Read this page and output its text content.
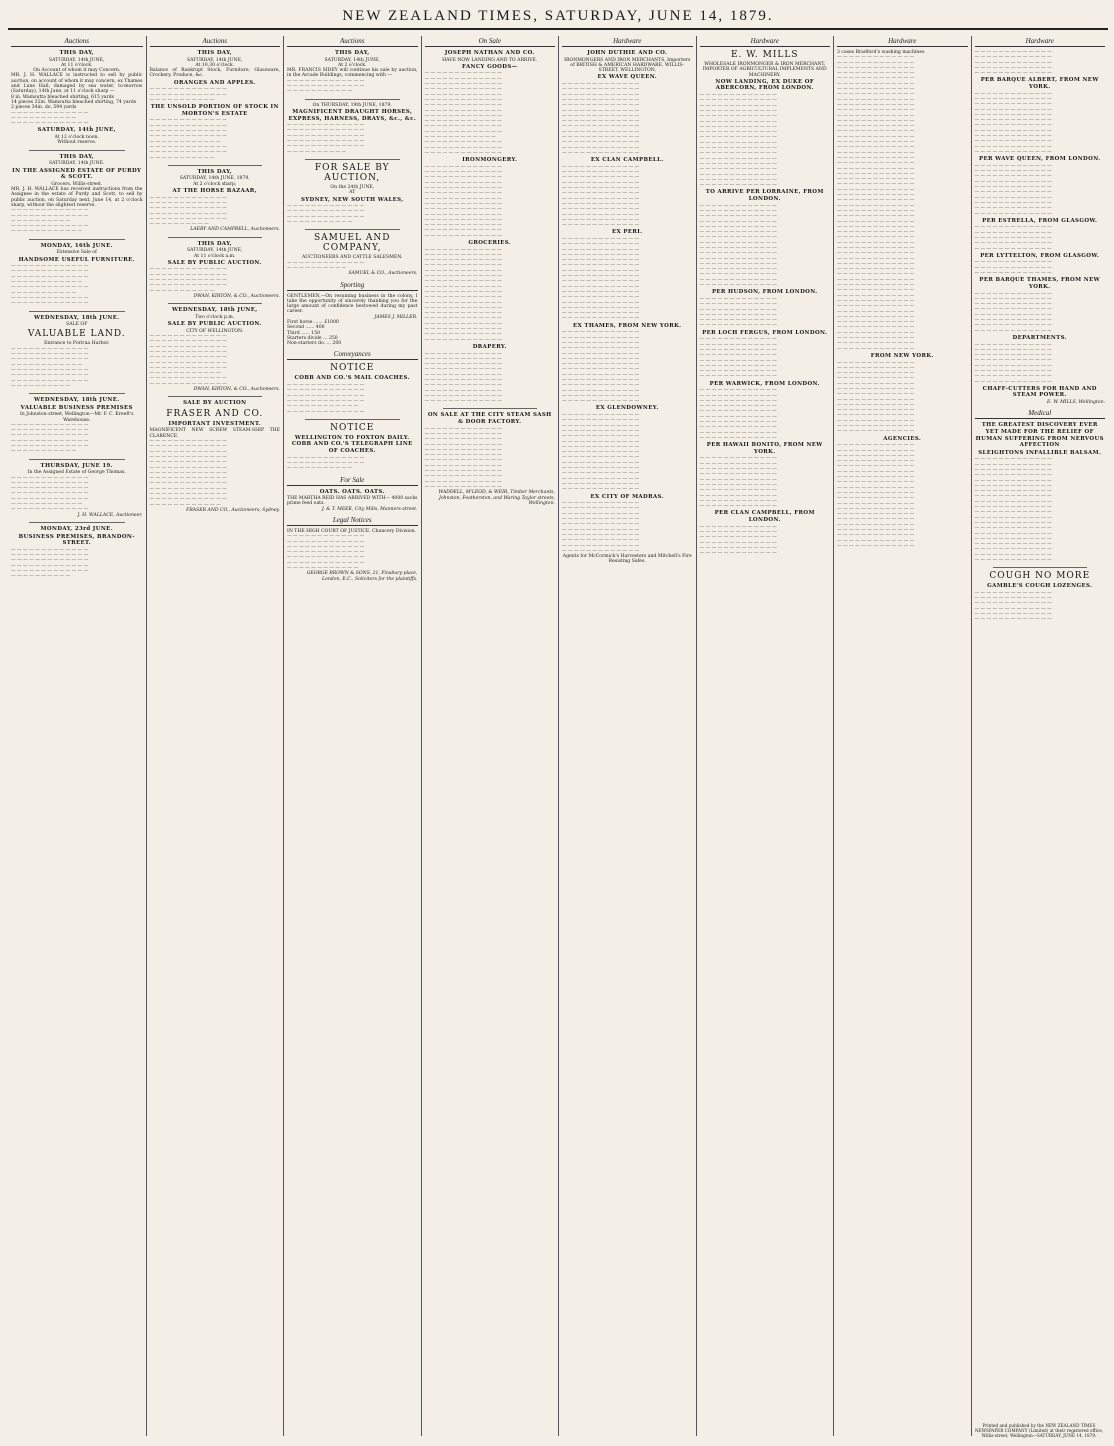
NEW ZEALAND TIMES, SATURDAY, JUNE 14, 1879.
Auctions
THIS DAY,
SATURDAY, 14th JUNE,
At 11 o'clock.
On Account of whom it may Concern.
MR. J. H. WALLACE is instructed to sell by public auction, on account of whom it may concern, ex Thames and Lune Hall, damaged by sea water, to-morrow (Saturday), 14th June, at 11 o'clock sharp —
8 in. Wamsutta bleached shirting, 615 yards
14 pieces 32in. Wamsutta bleached shirting, 74 yards
2 pieces 34in. do. 594 yards
— — — — — — — — — — — — —
— — — — — — — — — — —
— — — — — — — — — — — — —
SATURDAY, 14th JUNE,
At 12 o'clock noon.
Without reserve.
THIS DAY,
SATURDAY, 14th JUNE.
IN THE ASSIGNED ESTATE OF PURDY & SCOTT.
Grocers, Willis-street.
MR. J. H. WALLACE has received instructions from the Assignee in the estate of Purdy and Scott, to sell by public auction, on Saturday next, June 14, at 2 o'clock sharp, without the slightest reserve.
— — — — — — — — — — — — —
— — — — — — — — — — — — —
— — — — — — — — — —
— — — — — — — — — — — — —
— — — — — — — — — — — —
MONDAY, 16th JUNE.
Extensive Sale of
HANDSOME USEFUL FURNITURE.
— — — — — — — — — — — — —
— — — — — — — — — — — — —
— — — — — — — — — — — — —
— — — — — — — — — — — —
— — — — — — — — — — — — —
— — — — — — — — — — —
— — — — — — — — — — — — —
— — — — — — — — — — — — —
WEDNESDAY, 18th JUNE.
SALE OF
VALUABLE LAND.
Entrance to Porirua Harbor.
— — — — — — — — — — — — —
— — — — — — — — — — — — —
— — — — — — — — — — — — —
— — — — — — — — — — — —
— — — — — — — — — — — — —
— — — — — — — — — — — — —
— — — — — — — — — — — — —
— — — — — — — — — —
WEDNESDAY, 18th JUNE.
VALUABLE BUSINESS PREMISES
In Johnston-street, Wellington—Mr. F. C. Kreeft's Warehouse.
— — — — — — — — — — — — —
— — — — — — — — — — — — —
— — — — — — — — — — — — —
— — — — — — — — — — — — —
— — — — — — — — — — — — —
— — — — — — — — — — —
THURSDAY, JUNE 19.
In the Assigned Estate of George Thomas.
— — — — — — — — — — — — —
— — — — — — — — — — — — —
— — — — — — — — — — — — —
— — — — — — — — — — — — —
— — — — — — — — — — — — —
— — — — — — — — — — — —
— — — — — — — — — — — — —
J. H. WALLACE, Auctioneer.
MONDAY, 23rd JUNE.
BUSINESS PREMISES, BRANDON-STREET.
— — — — — — — — — — — — —
— — — — — — — — — — — — —
— — — — — — — — — — — — —
— — — — — — — — — — — — —
— — — — — — — — — — — — —
— — — — — — — — — —
Auctions
THIS DAY,
SATURDAY, 14th JUNE,
At 10.30 o'clock.
Balance of Bankrupt Stock, Furniture, Glassware, Crockery, Produce, &c.
ORANGES AND APPLES.
— — — — — — — — — — — — —
— — — — — — — — — — — — —
— — — — — — — — — — —
THE UNSOLD PORTION OF STOCK IN MORTON'S ESTATE
— — — — — — — — — — — — —
— — — — — — — — — — — — —
— — — — — — — — — — — — —
— — — — — — — — — — — — —
— — — — — — — — — — — —
— — — — — — — — — — — — —
— — — — — — — — — — — — —
— — — — — — — — — — —
THIS DAY,
SATURDAY, 14th JUNE, 1879,
At 2 o'clock sharp,
AT THE HORSE BAZAAR,
— — — — — — — — — — — — —
— — — — — — — — — — — — —
— — — — — — — — — — — — —
— — — — — — — — — — — — —
— — — — — — — — — — — — —
— — — — — — — — — —
LAERY AND CAMPBELL, Auctioneers.
THIS DAY,
SATURDAY, 14th JUNE,
At 11 o'clock a.m.
SALE BY PUBLIC AUCTION.
— — — — — — — — — — — — —
— — — — — — — — — — — — —
— — — — — — — — — — — — —
— — — — — — — — — — — — —
— — — — — — — — — — —
DWAN, KIRTON, & CO., Auctioneers.
WEDNESDAY, 18th JUNE,
Two o'clock p.m.
SALE BY PUBLIC AUCTION.
CITY OF WELLINGTON.
— — — — — — — — — — — — —
— — — — — — — — — — — — —
— — — — — — — — — — — — —
— — — — — — — — — — — — —
— — — — — — — — — — — — —
— — — — — — — — — — — — —
— — — — — — — — — — — — —
— — — — — — — — — — — —
— — — — — — — — — — — — —
— — — — — — — — — — — — —
DWAN, KIRTON, & CO., Auctioneers.
SALE BY AUCTION
FRASER AND CO.
IMPORTANT INVESTMENT.
MAGNIFICENT NEW SCREW STEAM-SHIP THE CLARENCE.
— — — — — — — — — — — — —
— — — — — — — — — — — — —
— — — — — — — — — — — — —
— — — — — — — — — — — — —
— — — — — — — — — — — — —
— — — — — — — — — — — — —
— — — — — — — — — — — — —
— — — — — — — — — — — — —
— — — — — — — — — — — — —
— — — — — — — — — — — — —
— — — — — — — — — — — — —
— — — — — — — — — — — — —
— — — — — — — — — — — —
FRASER AND CO., Auctioneers, Sydney.
Auctions
THIS DAY,
SATURDAY, 14th JUNE,
At 2 o'clock.
MR. FRANCIS SIDEY will continue his sale by auction, in the Arcade Buildings, commencing with —
— — — — — — — — — — — — —
— — — — — — — — — — — — —
— — — — — — — — — — —
On THURSDAY, 19th JUNE, 1879.
MAGNIFICENT DRAUGHT HORSES, EXPRESS, HARNESS, DRAYS, &c., &c.
— — — — — — — — — — — — —
— — — — — — — — — — — — —
— — — — — — — — — — — — —
— — — — — — — — — — — — —
— — — — — — — — — — — — —
— — — — — — — — — —
FOR SALE BY AUCTION,
On the 24th JUNE,
AT
SYDNEY, NEW SOUTH WALES,
— — — — — — — — — — — — —
— — — — — — — — — — — — —
— — — — — — — — — — — — —
— — — — — — — — — — —
SAMUEL AND COMPANY,
AUCTIONEERS AND CATTLE SALESMEN.
— — — — — — — — — — — — —
— — — — — — — — — —
SAMUEL & CO., Auctioneers.
Sporting
GENTLEMEN,—On resuming business in the colony, I take the opportunity of sincerely thanking you for the large amount of confidence bestowed during my past career.
JAMES J. MILLER.
First horse ...... £1000
Second ...... 400
Third ...... 150
Starters divide ... 250
Non-starters do. ... 200
Conveyances
NOTICE
COBB AND CO.'S MAIL COACHES.
— — — — — — — — — — — — —
— — — — — — — — — — — — —
— — — — — — — — — — — — —
— — — — — — — — — — — — —
— — — — — — — — — — — —
— — — — — — — — — — — — —
NOTICE
WELLINGTON TO FOXTON DAILY. COBB AND CO.'S TELEGRAPH LINE OF COACHES.
— — — — — — — — — — — — —
— — — — — — — — — — — — —
— — — — — — — — — — —
For Sale
OATS. OATS. OATS.
THE MARTHA REID HAS ARRIVED WITH— 4000 sacks prime feed oats.
J. & T. MEEK, City Mills, Manners-street.
Legal Notices
IN THE HIGH COURT OF JUSTICE. Chancery Division.
— — — — — — — — — — — — —
— — — — — — — — — — — — —
— — — — — — — — — — — — —
— — — — — — — — — — — — —
— — — — — — — — — — — — —
— — — — — — — — — — — — —
— — — — — — — — — — — —
GEORGE BROWN & SONS, 21, Finsbury-place, London, E.C., Solicitors for the plaintiffs.
On Sale
JOSEPH NATHAN AND CO.
HAVE NOW LANDING AND TO ARRIVE.
FANCY GOODS—
— — — — — — — — — — — — —
— — — — — — — — — — — — —
— — — — — — — — — — — — —
— — — — — — — — — — — — —
— — — — — — — — — — — — —
— — — — — — — — — — — — —
— — — — — — — — — — — — —
— — — — — — — — — — — — —
— — — — — — — — — — — — —
— — — — — — — — — — — — —
— — — — — — — — — — — — —
— — — — — — — — — — — — —
— — — — — — — — — — — —
— — — — — — — — — — — — —
— — — — — — — — — — — — —
— — — — — — — — — — — — —
IRONMONGERY.
— — — — — — — — — — — — —
— — — — — — — — — — — — —
— — — — — — — — — — — — —
— — — — — — — — — — — — —
— — — — — — — — — — — — —
— — — — — — — — — — — — —
— — — — — — — — — — — — —
— — — — — — — — — — — — —
— — — — — — — — — — — — —
— — — — — — — — — — — — —
— — — — — — — — — — — — —
— — — — — — — — — — — — —
— — — — — — — — — — — — —
— — — — — — — — — — — — —
GROCERIES.
— — — — — — — — — — — — —
— — — — — — — — — — — — —
— — — — — — — — — — — — —
— — — — — — — — — — — — —
— — — — — — — — — — — — —
— — — — — — — — — — — — —
— — — — — — — — — — — — —
— — — — — — — — — — — — —
— — — — — — — — — — — — —
— — — — — — — — — — — — —
— — — — — — — — — — — — —
— — — — — — — — — — — — —
— — — — — — — — — — — — —
— — — — — — — — — — — — —
— — — — — — — — — — — — —
— — — — — — — — — — — — —
— — — — — — — — — — — — —
— — — — — — — — — — — — —
DRAPERY.
— — — — — — — — — — — — —
— — — — — — — — — — — — —
— — — — — — — — — — — — —
— — — — — — — — — — — — —
— — — — — — — — — — — — —
— — — — — — — — — — — — —
— — — — — — — — — — — — —
— — — — — — — — — — — — —
— — — — — — — — — — — — —
— — — — — — — — — — — — —
ON SALE AT THE CITY STEAM SASH & DOOR FACTORY.
— — — — — — — — — — — — —
— — — — — — — — — — — — —
— — — — — — — — — — — — —
— — — — — — — — — — — — —
— — — — — — — — — — — — —
— — — — — — — — — — — — —
— — — — — — — — — — — — —
— — — — — — — — — — — — —
— — — — — — — — — — — — —
— — — — — — — — — — — — —
— — — — — — — — — — — — —
— — — — — — — — — — — — —
WADDELL, M'LEOD, & WEIR, Timber Merchants, Johnston, Featherston, and Waring Taylor streets, Wellington.
Hardware
JOHN DUTHIE AND CO.
IRONMONGERS AND IRON MERCHANTS, Importers of BRITISH & AMERICAN HARDWARE, WILLIS-STREET, WELLINGTON,
EX WAVE QUEEN.
— — — — — — — — — — — — —
— — — — — — — — — — — — —
— — — — — — — — — — — — —
— — — — — — — — — — — — —
— — — — — — — — — — — — —
— — — — — — — — — — — — —
— — — — — — — — — — — — —
— — — — — — — — — — — — —
— — — — — — — — — — — — —
— — — — — — — — — — — — —
— — — — — — — — — — — — —
— — — — — — — — — — — — —
— — — — — — — — — — — — —
— — — — — — — — — — — — —
EX CLAN CAMPBELL.
— — — — — — — — — — — — —
— — — — — — — — — — — — —
— — — — — — — — — — — — —
— — — — — — — — — — — — —
— — — — — — — — — — — — —
— — — — — — — — — — — — —
— — — — — — — — — — — — —
— — — — — — — — — — — — —
— — — — — — — — — — — — —
— — — — — — — — — — — — —
— — — — — — — — — — — — —
— — — — — — — — — — — — —
EX PERI.
— — — — — — — — — — — — —
— — — — — — — — — — — — —
— — — — — — — — — — — — —
— — — — — — — — — — — — —
— — — — — — — — — — — — —
— — — — — — — — — — — — —
— — — — — — — — — — — — —
— — — — — — — — — — — — —
— — — — — — — — — — — — —
— — — — — — — — — — — — —
— — — — — — — — — — — — —
— — — — — — — — — — — — —
— — — — — — — — — — — — —
— — — — — — — — — — — — —
— — — — — — — — — — — — —
— — — — — — — — — — — — —
EX THAMES, FROM NEW YORK.
— — — — — — — — — — — — —
— — — — — — — — — — — — —
— — — — — — — — — — — — —
— — — — — — — — — — — — —
— — — — — — — — — — — — —
— — — — — — — — — — — — —
— — — — — — — — — — — — —
— — — — — — — — — — — — —
— — — — — — — — — — — — —
— — — — — — — — — — — — —
— — — — — — — — — — — — —
— — — — — — — — — — — — —
— — — — — — — — — — — — —
— — — — — — — — — — — — —
EX GLENDOWNEY.
— — — — — — — — — — — — —
— — — — — — — — — — — — —
— — — — — — — — — — — — —
— — — — — — — — — — — — —
— — — — — — — — — — — — —
— — — — — — — — — — — — —
— — — — — — — — — — — — —
— — — — — — — — — — — — —
— — — — — — — — — — — — —
— — — — — — — — — — — — —
— — — — — — — — — — — — —
— — — — — — — — — — — — —
— — — — — — — — — — — — —
— — — — — — — — — — — — —
— — — — — — — — — — — — —
EX CITY OF MADRAS.
— — — — — — — — — — — — —
— — — — — — — — — — — — —
— — — — — — — — — — — — —
— — — — — — — — — — — — —
— — — — — — — — — — — — —
— — — — — — — — — — — — —
— — — — — — — — — — — — —
— — — — — — — — — — — — —
— — — — — — — — — — — — —
— — — — — — — — — — — — —
Agents for McCormick's Harvesters and Mitchell's Fire Resisting Safes.
Hardware
E. W. MILLS
WHOLESALE IRONMONGER & IRON MERCHANT,
IMPORTER OF AGRICULTURAL IMPLEMENTS AND MACHINERY.
NOW LANDING, EX DUKE OF ABERCORN, FROM LONDON.
— — — — — — — — — — — — —
— — — — — — — — — — — — —
— — — — — — — — — — — — —
— — — — — — — — — — — — —
— — — — — — — — — — — — —
— — — — — — — — — — — — —
— — — — — — — — — — — — —
— — — — — — — — — — — — —
— — — — — — — — — — — — —
— — — — — — — — — — — — —
— — — — — — — — — — — — —
— — — — — — — — — — — — —
— — — — — — — — — — — — —
— — — — — — — — — — — — —
— — — — — — — — — — — — —
— — — — — — — — — — — — —
— — — — — — — — — — — — —
— — — — — — — — — — — — —
TO ARRIVE PER LORRAINE, FROM LONDON.
— — — — — — — — — — — — —
— — — — — — — — — — — — —
— — — — — — — — — — — — —
— — — — — — — — — — — — —
— — — — — — — — — — — — —
— — — — — — — — — — — — —
— — — — — — — — — — — — —
— — — — — — — — — — — — —
— — — — — — — — — — — — —
— — — — — — — — — — — — —
— — — — — — — — — — — — —
— — — — — — — — — — — — —
— — — — — — — — — — — — —
— — — — — — — — — — — — —
— — — — — — — — — — — — —
— — — — — — — — — — — — —
PER HUDSON, FROM LONDON.
— — — — — — — — — — — — —
— — — — — — — — — — — — —
— — — — — — — — — — — — —
— — — — — — — — — — — — —
— — — — — — — — — — — — —
— — — — — — — — — — — — —
PER LOCH FERGUS, FROM LONDON.
— — — — — — — — — — — — —
— — — — — — — — — — — — —
— — — — — — — — — — — — —
— — — — — — — — — — — — —
— — — — — — — — — — — — —
— — — — — — — — — — — — —
— — — — — — — — — — — — —
— — — — — — — — — — — — —
PER WARWICK, FROM LONDON.
— — — — — — — — — — — — —
— — — — — — — — — — — — —
— — — — — — — — — — — — —
— — — — — — — — — — — — —
— — — — — — — — — — — — —
— — — — — — — — — — — — —
— — — — — — — — — — — — —
— — — — — — — — — — — — —
— — — — — — — — — — — — —
— — — — — — — — — — — — —
PER HAWAII BONITO, FROM NEW YORK.
— — — — — — — — — — — — —
— — — — — — — — — — — — —
— — — — — — — — — — — — —
— — — — — — — — — — — — —
— — — — — — — — — — — — —
— — — — — — — — — — — — —
— — — — — — — — — — — — —
— — — — — — — — — — — — —
— — — — — — — — — — — — —
— — — — — — — — — — — — —
PER CLAN CAMPBELL, FROM LONDON.
— — — — — — — — — — — — —
— — — — — — — — — — — — —
— — — — — — — — — — — — —
— — — — — — — — — — — — —
— — — — — — — — — — — — —
— — — — — — — — — — — — —
Hardware
3 cases Bradford's washing machines
— — — — — — — — — — — — —
— — — — — — — — — — — — —
— — — — — — — — — — — — —
— — — — — — — — — — — — —
— — — — — — — — — — — — —
— — — — — — — — — — — — —
— — — — — — — — — — — — —
— — — — — — — — — — — — —
— — — — — — — — — — — — —
— — — — — — — — — — — — —
— — — — — — — — — — — — —
— — — — — — — — — — — — —
— — — — — — — — — — — — —
— — — — — — — — — — — — —
— — — — — — — — — — — — —
— — — — — — — — — — — — —
— — — — — — — — — — — — —
— — — — — — — — — — — — —
— — — — — — — — — — — — —
— — — — — — — — — — — — —
— — — — — — — — — — — — —
— — — — — — — — — — — — —
— — — — — — — — — — — — —
— — — — — — — — — — — — —
— — — — — — — — — — — — —
— — — — — — — — — — — — —
— — — — — — — — — — — — —
— — — — — — — — — — — — —
— — — — — — — — — — — — —
— — — — — — — — — — — — —
— — — — — — — — — — — — —
— — — — — — — — — — — — —
— — — — — — — — — — — — —
— — — — — — — — — — — — —
— — — — — — — — — — — — —
— — — — — — — — — — — — —
— — — — — — — — — — — — —
— — — — — — — — — — — — —
— — — — — — — — — — — — —
— — — — — — — — — — — — —
— — — — — — — — — — — — —
— — — — — — — — — — — — —
— — — — — — — — — — — — —
— — — — — — — — — — — — —
— — — — — — — — — — — — —
— — — — — — — — — — — — —
— — — — — — — — — — — — —
— — — — — — — — — — — — —
— — — — — — — — — — — — —
— — — — — — — — — — — — —
— — — — — — — — — — — — —
— — — — — — — — — — — — —
— — — — — — — — — — — — —
— — — — — — — — — — — — —
— — — — — — — — — — — — —
— — — — — — — — — — — — —
FROM NEW YORK.
— — — — — — — — — — — — —
— — — — — — — — — — — — —
— — — — — — — — — — — — —
— — — — — — — — — — — — —
— — — — — — — — — — — — —
— — — — — — — — — — — — —
— — — — — — — — — — — — —
— — — — — — — — — — — — —
— — — — — — — — — — — — —
— — — — — — — — — — — — —
— — — — — — — — — — — — —
— — — — — — — — — — — — —
— — — — — — — — — — — — —
— — — — — — — — — — — — —
AGENCIES.
— — — — — — — — — — — — —
— — — — — — — — — — — — —
— — — — — — — — — — — — —
— — — — — — — — — — — — —
— — — — — — — — — — — — —
— — — — — — — — — — — — —
— — — — — — — — — — — — —
— — — — — — — — — — — — —
— — — — — — — — — — — — —
— — — — — — — — — — — — —
— — — — — — — — — — — — —
— — — — — — — — — — — — —
— — — — — — — — — — — — —
— — — — — — — — — — — — —
— — — — — — — — — — — — —
— — — — — — — — — — — — —
— — — — — — — — — — — — —
— — — — — — — — — — — — —
— — — — — — — — — — — — —
— — — — — — — — — — — — —
Hardware
— — — — — — — — — — — — —
— — — — — — — — — — — — —
— — — — — — — — — — — — —
— — — — — — — — — — — — —
— — — — — — — — — — — — —
PER BARQUE ALBERT, FROM NEW YORK.
— — — — — — — — — — — — —
— — — — — — — — — — — — —
— — — — — — — — — — — — —
— — — — — — — — — — — — —
— — — — — — — — — — — — —
— — — — — — — — — — — — —
— — — — — — — — — — — — —
— — — — — — — — — — — — —
— — — — — — — — — — — — —
— — — — — — — — — — — — —
— — — — — — — — — — — — —
— — — — — — — — — — — — —
PER WAVE QUEEN, FROM LONDON.
— — — — — — — — — — — — —
— — — — — — — — — — — — —
— — — — — — — — — — — — —
— — — — — — — — — — — — —
— — — — — — — — — — — — —
— — — — — — — — — — — — —
— — — — — — — — — — — — —
— — — — — — — — — — — — —
— — — — — — — — — — — — —
— — — — — — — — — — — — —
PER ESTRELLA, FROM GLASGOW.
— — — — — — — — — — — — —
— — — — — — — — — — — — —
— — — — — — — — — — — — —
— — — — — — — — — — — — —
— — — — — — — — — — — — —
PER LYTTELTON, FROM GLASGOW.
— — — — — — — — — — — — —
— — — — — — — — — — — — —
— — — — — — — — — — — — —
PER BARQUE THAMES, FROM NEW YORK.
— — — — — — — — — — — — —
— — — — — — — — — — — — —
— — — — — — — — — — — — —
— — — — — — — — — — — — —
— — — — — — — — — — — — —
— — — — — — — — — — — — —
— — — — — — — — — — — — —
— — — — — — — — — — — — —
DEPARTMENTS.
— — — — — — — — — — — — —
— — — — — — — — — — — — —
— — — — — — — — — — — — —
— — — — — — — — — — — — —
— — — — — — — — — — — — —
— — — — — — — — — — — — —
— — — — — — — — — — — — —
— — — — — — — — — — — — —
CHAFF-CUTTERS FOR HAND AND STEAM POWER.
E. W. MILLS, Wellington.
Medical
THE GREATEST DISCOVERY EVER YET MADE FOR THE RELIEF OF HUMAN SUFFERING FROM NERVOUS AFFECTION
SLEIGHTONS INFALLIBLE BALSAM.
— — — — — — — — — — — — —
— — — — — — — — — — — — —
— — — — — — — — — — — — —
— — — — — — — — — — — — —
— — — — — — — — — — — — —
— — — — — — — — — — — — —
— — — — — — — — — — — — —
— — — — — — — — — — — — —
— — — — — — — — — — — — —
— — — — — — — — — — — — —
— — — — — — — — — — — — —
— — — — — — — — — — — — —
— — — — — — — — — — — — —
— — — — — — — — — — — — —
— — — — — — — — — — — — —
— — — — — — — — — — — — —
— — — — — — — — — — — — —
— — — — — — — — — — — — —
— — — — — — — — — — — — —
— — — — — — — — — — — — —
COUGH NO MORE
GAMBLE'S COUGH LOZENGES.
— — — — — — — — — — — — —
— — — — — — — — — — — — —
— — — — — — — — — — — — —
— — — — — — — — — — — — —
— — — — — — — — — — — — —
— — — — — — — — — — — — —
Printed and published by the NEW ZEALAND TIMES NEWSPAPER COMPANY (Limited) at their registered office, Willis-street, Wellington—SATURDAY, JUNE 14, 1879.
